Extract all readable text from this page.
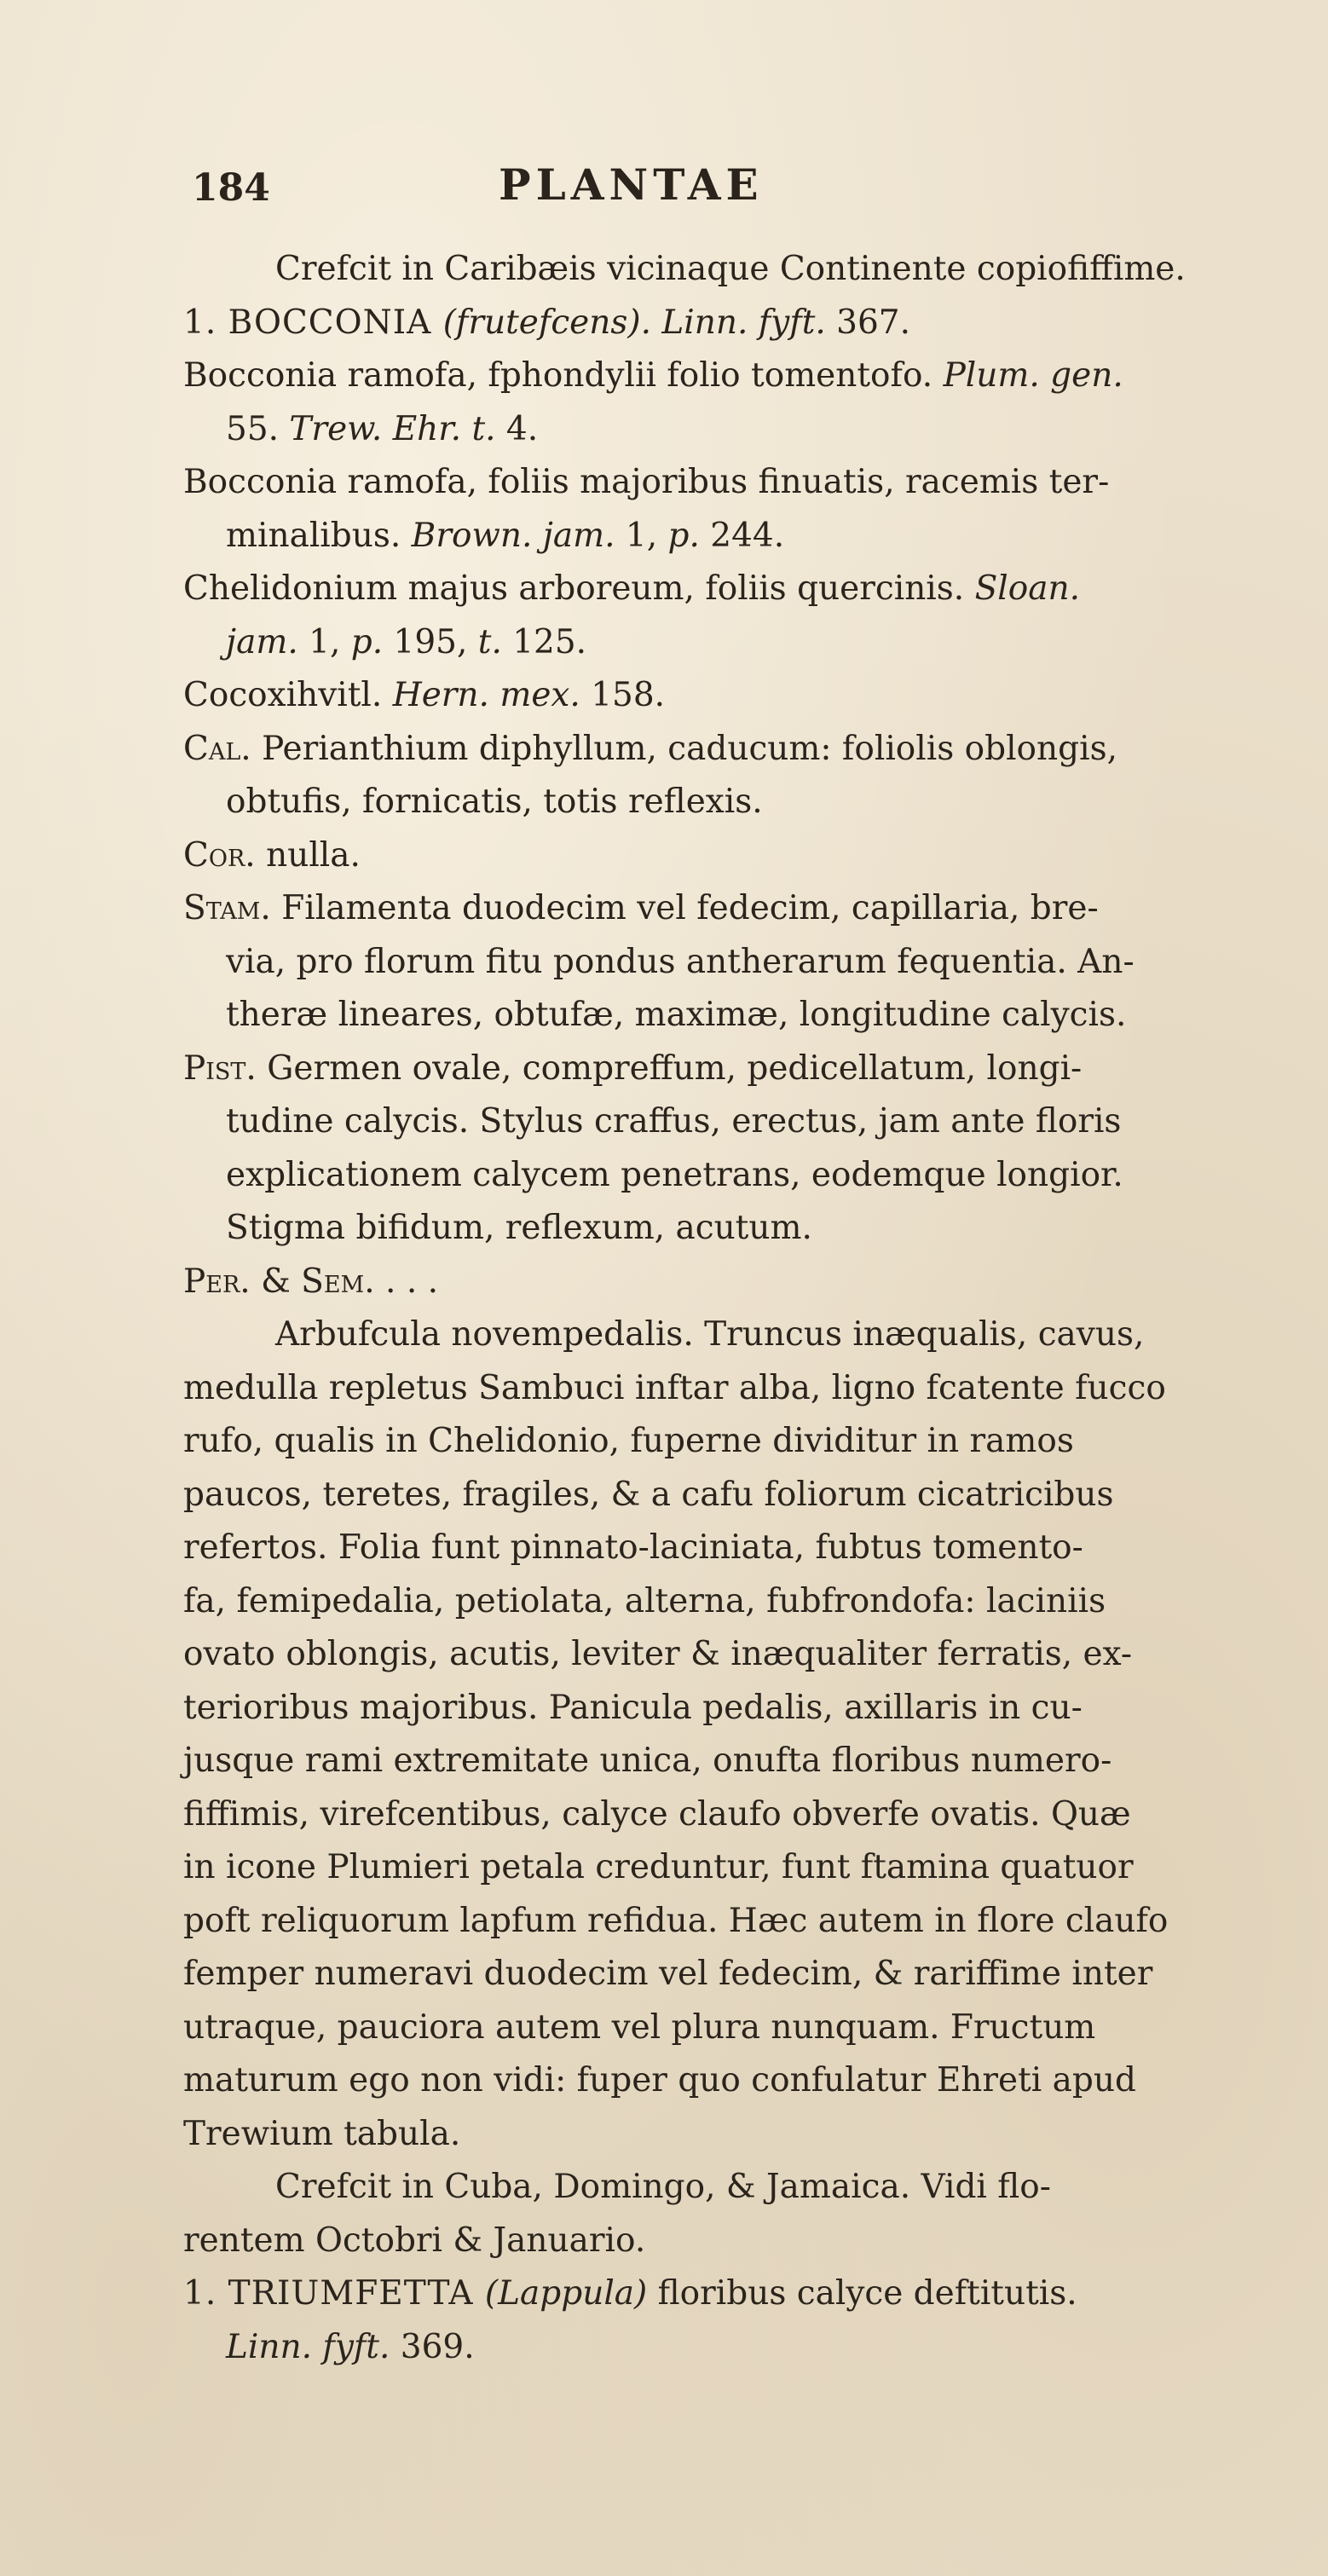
184	PLANTAE
Crefcit in Caribæis vicinaque Continente copiofiffime.
1. BOCCONIA (frutefcens). Linn. fyft. 367.
Bocconia ramofa, fphondylii folio tomentofo. Plum. gen.
55. Trew. Ehr. t. 4.
Bocconia ramofa, foliis majoribus finuatis, racemis ter-
minalibus. Brown. jam. 1, p. 244.
Chelidonium majus arboreum, foliis quercinis. Sloan.
jam. 1, p. 195, t. 125.
Cocoxihvitl. Hern. mex. 158.
Cal. Perianthium diphyllum, caducum: foliolis oblongis,
obtufis, fornicatis, totis reflexis.
Cor. nulla.
Stam. Filamenta duodecim vel fedecim, capillaria, bre-
via, pro florum fitu pondus antherarum fequentia. An-
theræ lineares, obtufæ, maximæ, longitudine calycis.
Pist. Germen ovale, compreffum, pedicellatum, longi-
tudine calycis. Stylus craffus, erectus, jam ante floris
explicationem calycem penetrans, eodemque longior.
Stigma bifidum, reflexum, acutum.
Per. & Sem. . . .
Arbufcula novempedalis. Truncus inæqualis, cavus,
medulla repletus Sambuci inftar alba, ligno fcatente fucco
rufo, qualis in Chelidonio, fuperne dividitur in ramos
paucos, teretes, fragiles, & a cafu foliorum cicatricibus
refertos. Folia funt pinnato-laciniata, fubtus tomento-
fa, femipedalia, petiolata, alterna, fubfrondofa: laciniis
ovato oblongis, acutis, leviter & inæqualiter ferratis, ex-
terioribus majoribus. Panicula pedalis, axillaris in cu-
jusque rami extremitate unica, onufta floribus numero-
fiffimis, virefcentibus, calyce claufo obverfe ovatis. Quæ
in icone Plumieri petala creduntur, funt ftamina quatuor
poft reliquorum lapfum refidua. Hæc autem in flore claufo
femper numeravi duodecim vel fedecim, & rariffime inter
utraque, pauciora autem vel plura nunquam. Fructum
maturum ego non vidi: fuper quo confulatur Ehreti apud
Trewium tabula.
Crefcit in Cuba, Domingo, & Jamaica. Vidi flo-
rentem Octobri & Januario.
1. TRIUMFETTA (Lappula) floribus calyce deftitutis.
Linn. fyft. 369.
